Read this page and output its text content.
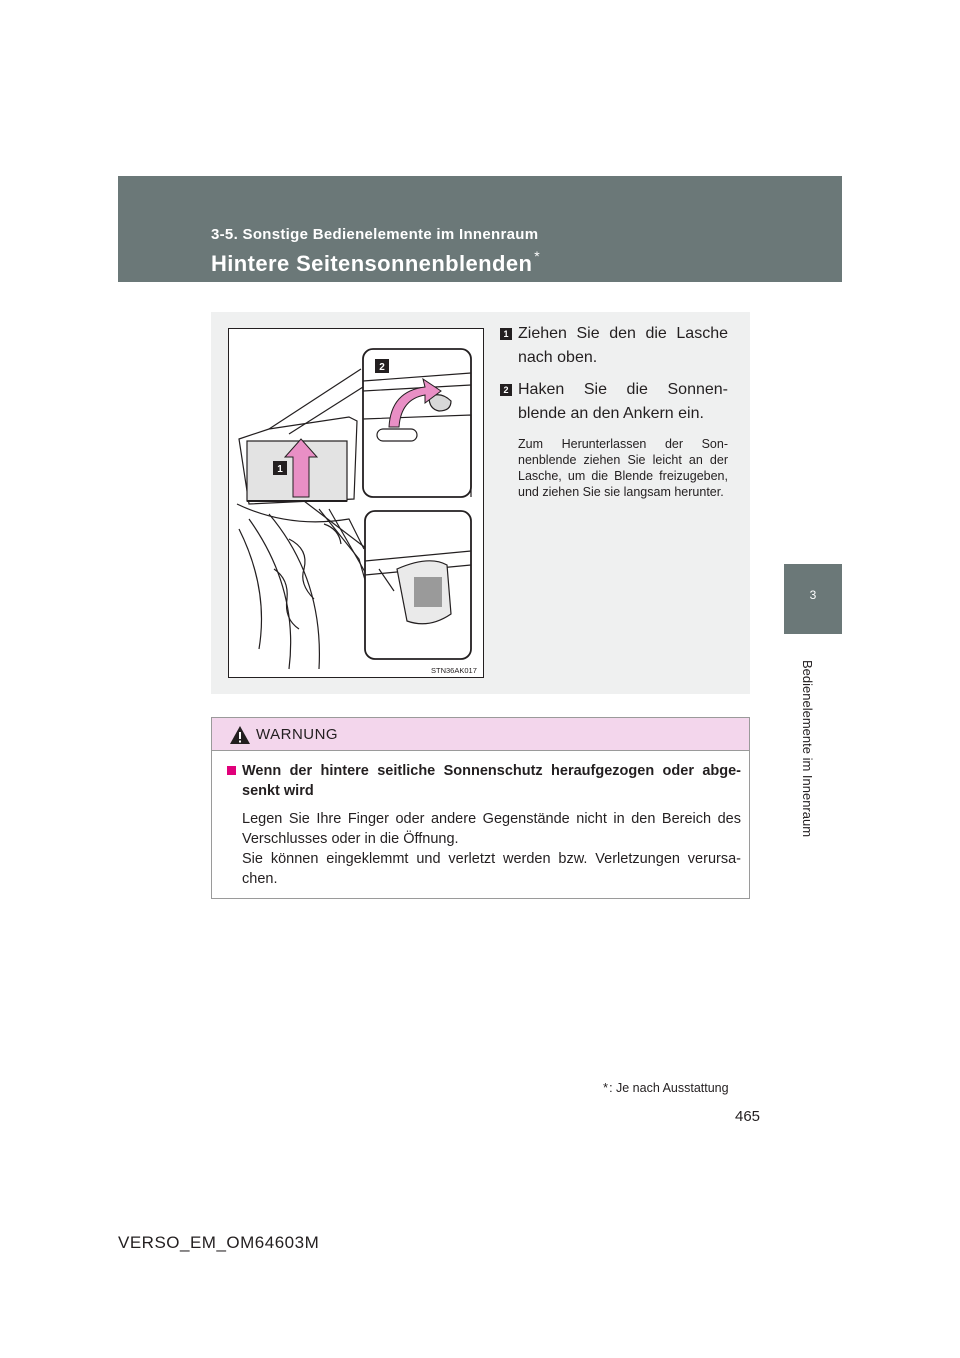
3-5. Sonstige Bedienelemente im Innenraum
Hintere Seitensonnenblenden *
3
Bedienelemente im Innenraum
1
2
STN36AK017
1 Ziehen Sie den die Lasche nach oben.
2 Haken Sie die Sonnen-blende an den Ankern ein.
Zum Herunterlassen der Son-nenblende ziehen Sie leicht an der Lasche, um die Blende freizugeben, und ziehen Sie sie langsam herunter.
WARNUNG
Wenn der hintere seitliche Sonnenschutz heraufgezogen oder abge-senkt wird
Legen Sie Ihre Finger oder andere Gegenstände nicht in den Bereich des Verschlusses oder in die Öffnung.
Sie können eingeklemmt und verletzt werden bzw. Verletzungen verursa-chen.
*: Je nach Ausstattung
465
VERSO_EM_OM64603M
